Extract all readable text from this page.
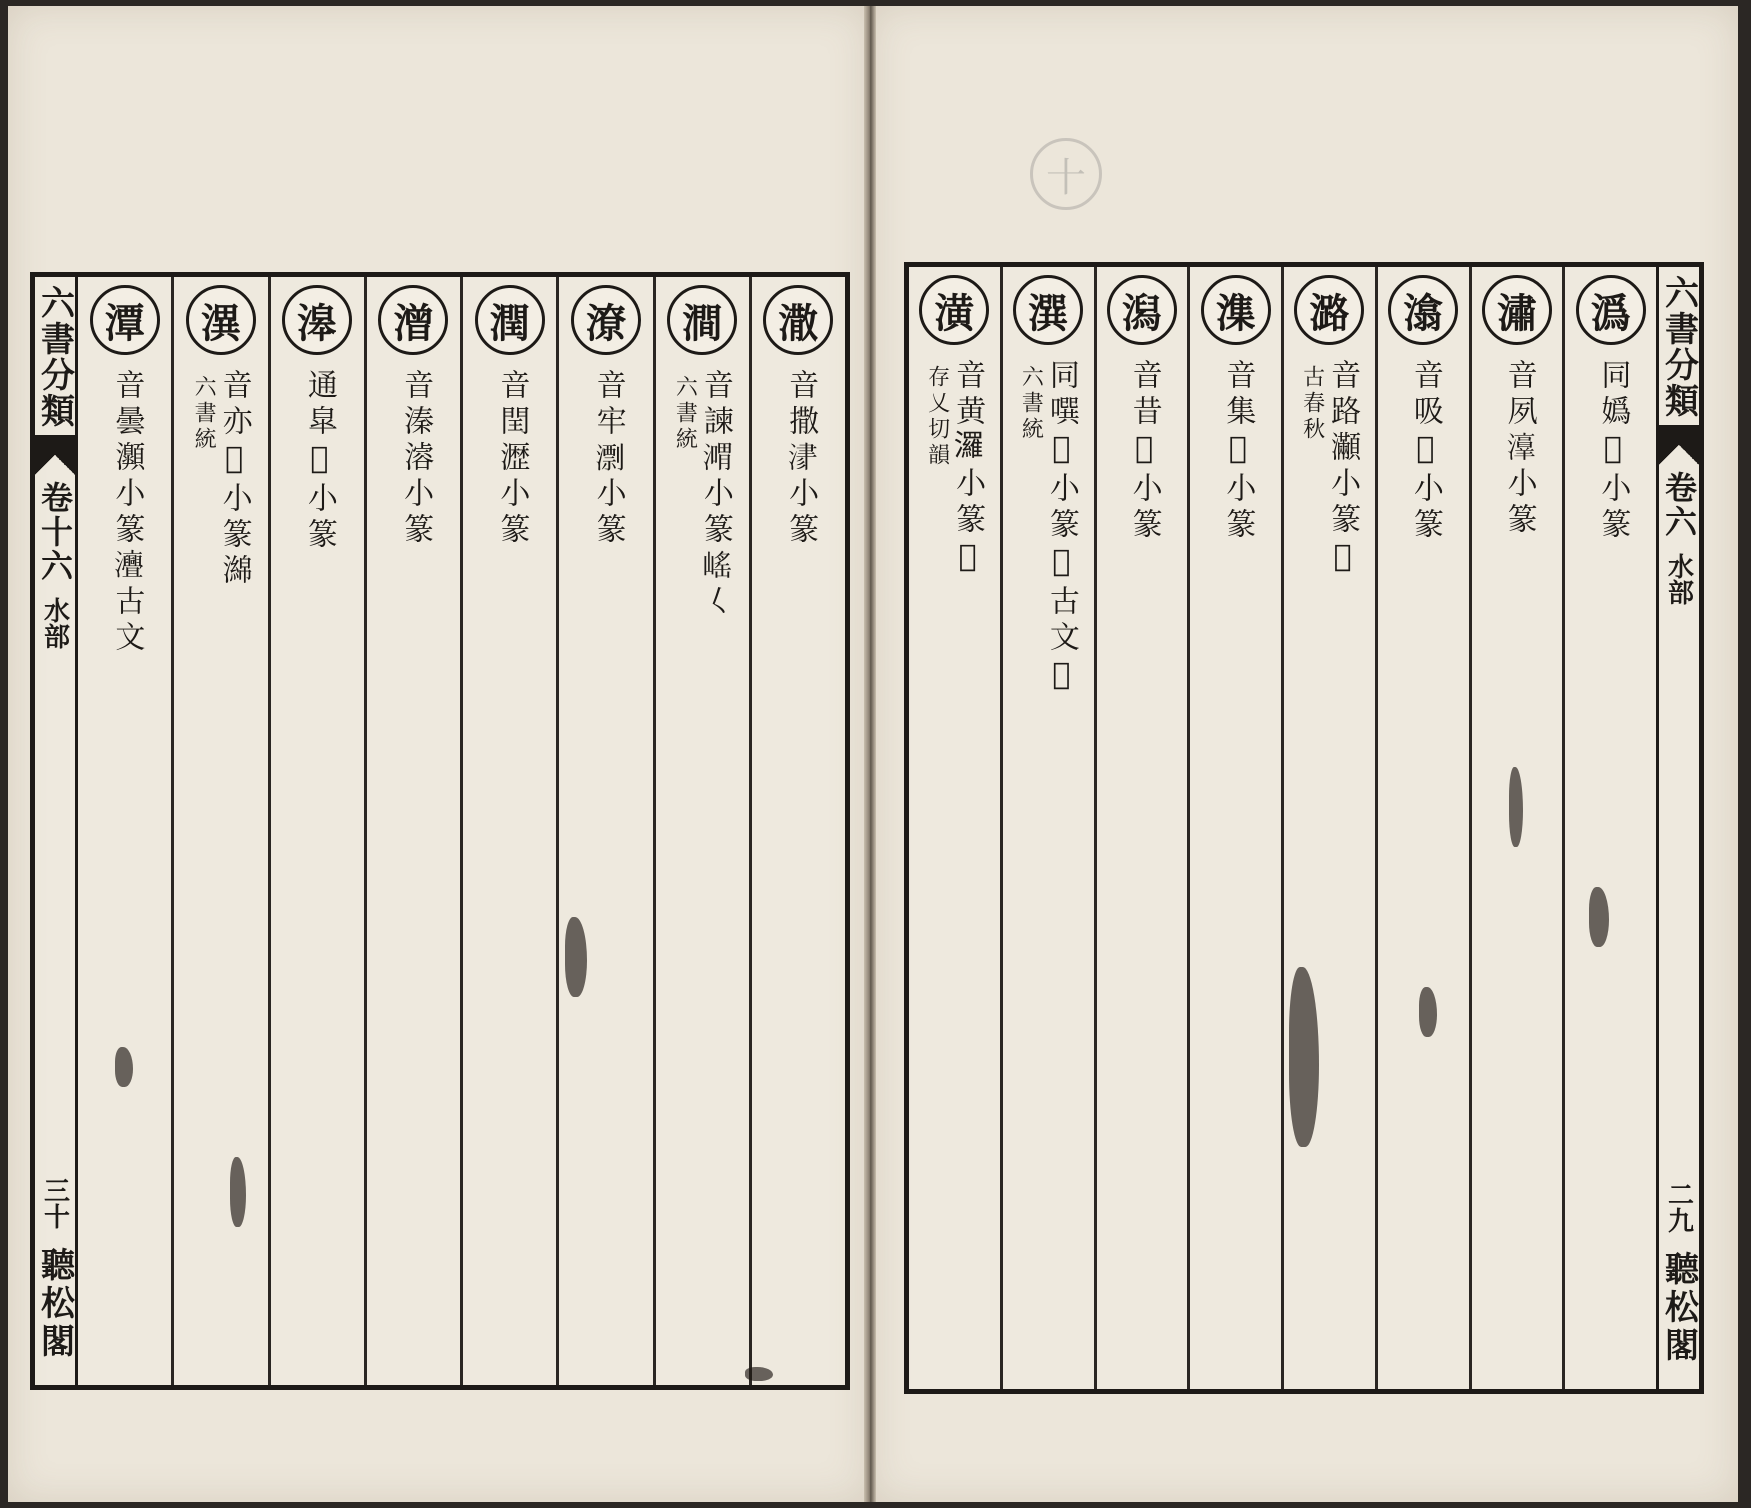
十
六書分類
卷十六
水部
三十
聽松閣
潵
音撒𣸁小篆
澗
音諫𣽴小篆𡺯𡿨
六書統
潦
音牢𣿖小篆
潤
音閏𤁋小篆
潧
音溱𣽊小篆
滜
通皐𣼅小篆
潩
音亦𤀚小篆𤁗
六書統
潭
音曇𤅡小篆𤅣古文
潙
同嬀𤁞小篆
潚
音夙𤂸小篆
潝
音吸𤂘小篆
潞
音路𤅎小篆𡧞
古春秋
潗
音集𤃕小篆
潟
音昔𤂭小篆
潠
同噀𤁜小篆𢑌古文𤄫
六書統
潢
音黄𤄷小篆𤂳
存乂切韻	六書分類
卷六
水部
二九
聽松閣
